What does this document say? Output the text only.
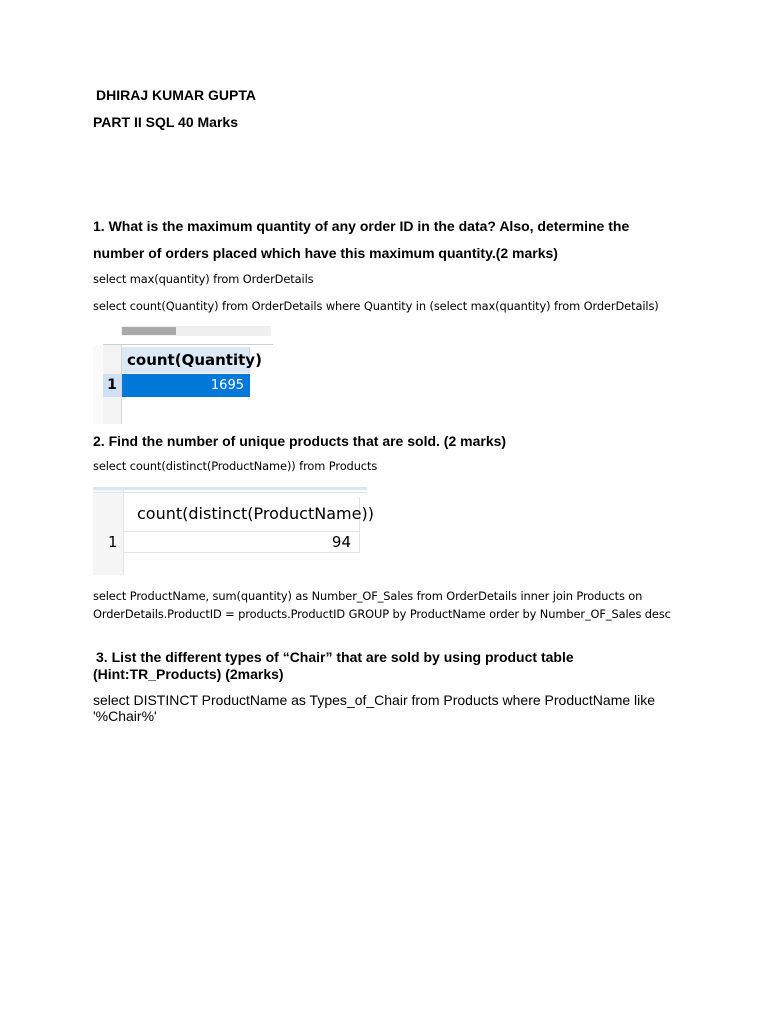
DHIRAJ KUMAR GUPTA
PART II SQL 40 Marks
1. What is the maximum quantity of any order ID in the data? Also, determine the
number of orders placed which have this maximum quantity.(2 marks)
select max(quantity) from OrderDetails
select count(Quantity) from OrderDetails where Quantity in (select max(quantity) from OrderDetails)
count(Quantity)
1	1695
2. Find the number of unique products that are sold. (2 marks)
select count(distinct(ProductName)) from Products
count(distinct(ProductName))
1	94
select ProductName, sum(quantity) as Number_OF_Sales from OrderDetails inner join Products on OrderDetails.ProductID = products.ProductID GROUP by ProductName order by Number_OF_Sales desc
3. List the different types of “Chair” that are sold by using product table
(Hint:TR_Products) (2marks)
select DISTINCT ProductName as Types_of_Chair from Products where ProductName like '%Chair%'
